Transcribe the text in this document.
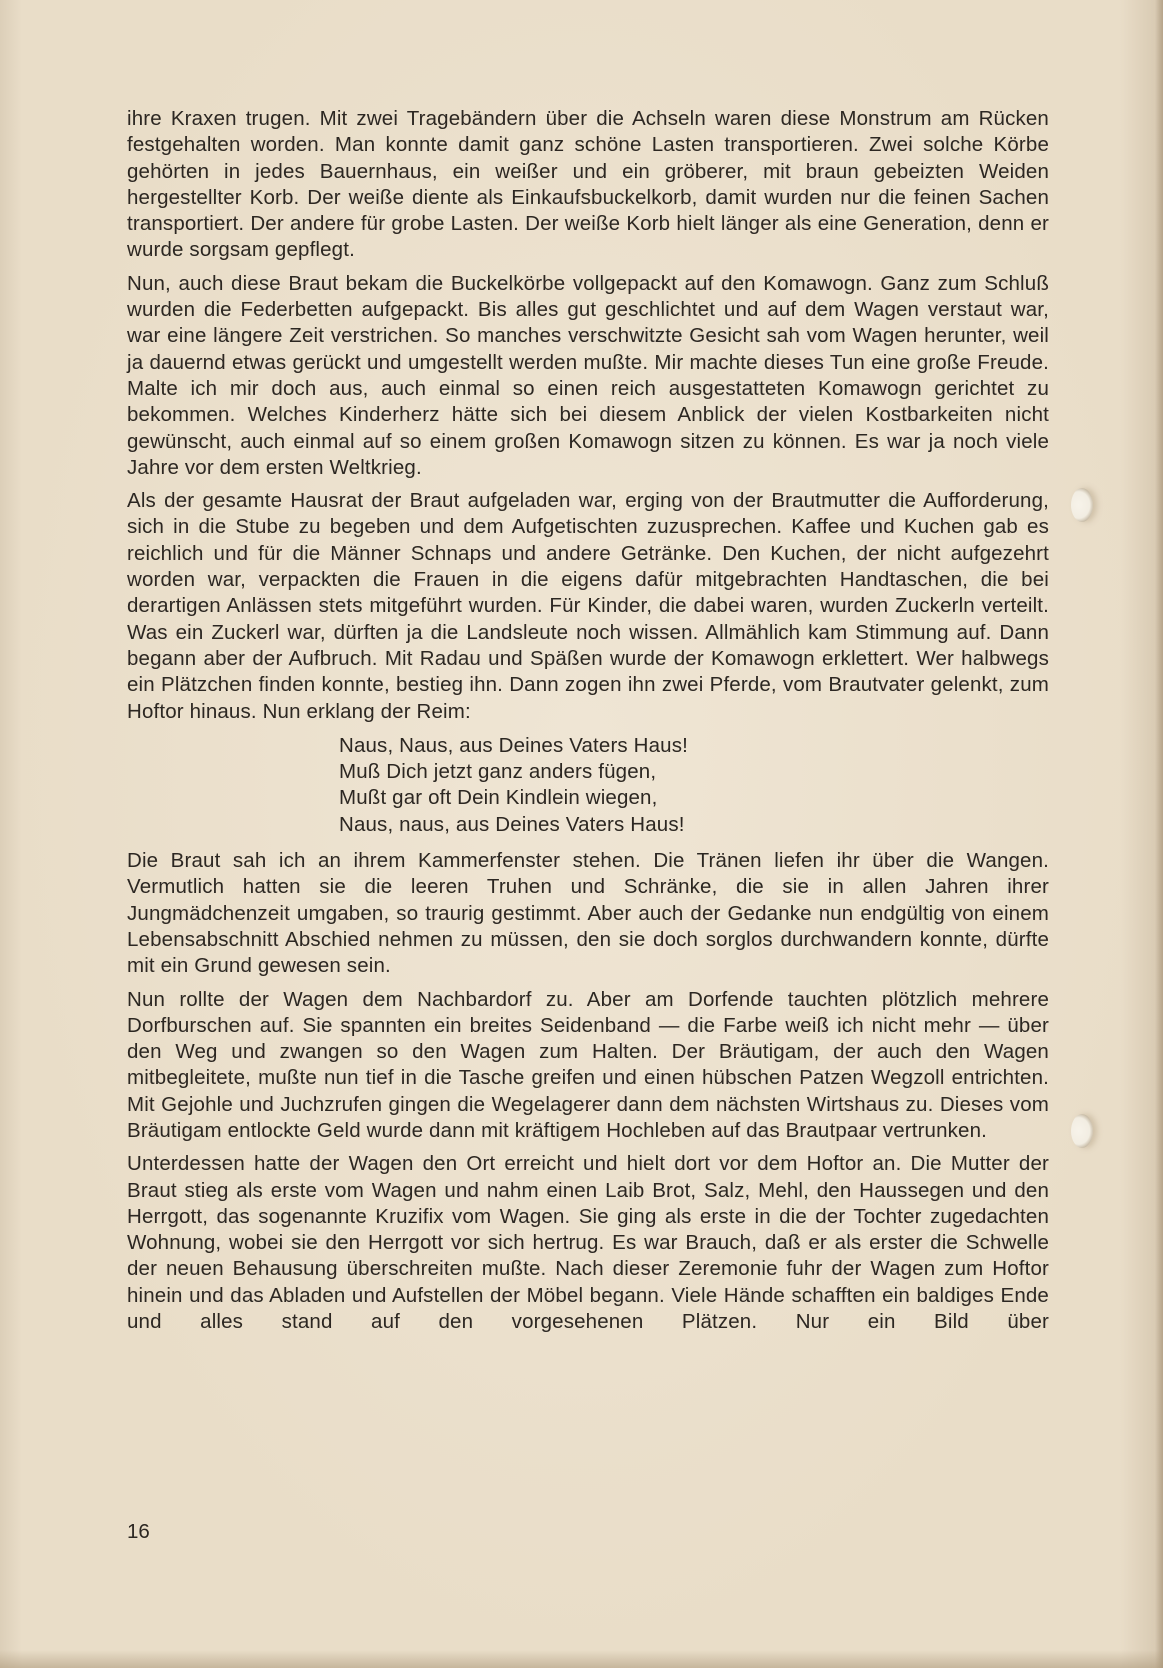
ihre Kraxen trugen. Mit zwei Tragebändern über die Achseln waren diese Monstrum am Rücken festgehalten worden. Man konnte damit ganz schöne Lasten transportieren. Zwei solche Körbe gehörten in jedes Bauernhaus, ein weißer und ein gröberer, mit braun gebeizten Weiden hergestellter Korb. Der weiße diente als Einkaufsbuckelkorb, damit wurden nur die feinen Sachen transportiert. Der andere für grobe Lasten. Der weiße Korb hielt länger als eine Generation, denn er wurde sorgsam gepflegt.

Nun, auch diese Braut bekam die Buckelkörbe vollgepackt auf den Komawogn. Ganz zum Schluß wurden die Federbetten aufgepackt. Bis alles gut geschlichtet und auf dem Wagen verstaut war, war eine längere Zeit verstrichen. So manches verschwitzte Gesicht sah vom Wagen herunter, weil ja dauernd etwas gerückt und umgestellt werden mußte. Mir machte dieses Tun eine große Freude. Malte ich mir doch aus, auch einmal so einen reich ausgestatteten Komawogn gerichtet zu bekommen. Welches Kinderherz hätte sich bei diesem Anblick der vielen Kostbarkeiten nicht gewünscht, auch einmal auf so einem großen Komawogn sitzen zu können. Es war ja noch viele Jahre vor dem ersten Weltkrieg.

Als der gesamte Hausrat der Braut aufgeladen war, erging von der Brautmutter die Aufforderung, sich in die Stube zu begeben und dem Aufgetischten zuzusprechen. Kaffee und Kuchen gab es reichlich und für die Männer Schnaps und andere Getränke. Den Kuchen, der nicht aufgezehrt worden war, verpackten die Frauen in die eigens dafür mitgebrachten Handtaschen, die bei derartigen Anlässen stets mitgeführt wurden. Für Kinder, die dabei waren, wurden Zuckerln verteilt. Was ein Zuckerl war, dürften ja die Landsleute noch wissen. Allmählich kam Stimmung auf. Dann begann aber der Aufbruch. Mit Radau und Späßen wurde der Komawogn erklettert. Wer halbwegs ein Plätzchen finden konnte, bestieg ihn. Dann zogen ihn zwei Pferde, vom Brautvater gelenkt, zum Hoftor hinaus. Nun erklang der Reim:

Naus, Naus, aus Deines Vaters Haus!
Muß Dich jetzt ganz anders fügen,
Mußt gar oft Dein Kindlein wiegen,
Naus, naus, aus Deines Vaters Haus!

Die Braut sah ich an ihrem Kammerfenster stehen. Die Tränen liefen ihr über die Wangen. Vermutlich hatten sie die leeren Truhen und Schränke, die sie in allen Jahren ihrer Jungmädchenzeit umgaben, so traurig gestimmt. Aber auch der Gedanke nun endgültig von einem Lebensabschnitt Abschied nehmen zu müssen, den sie doch sorglos durchwandern konnte, dürfte mit ein Grund gewesen sein.

Nun rollte der Wagen dem Nachbardorf zu. Aber am Dorfende tauchten plötzlich mehrere Dorfburschen auf. Sie spannten ein breites Seidenband — die Farbe weiß ich nicht mehr — über den Weg und zwangen so den Wagen zum Halten. Der Bräutigam, der auch den Wagen mitbegleitete, mußte nun tief in die Tasche greifen und einen hübschen Patzen Wegzoll entrichten. Mit Gejohle und Juchzrufen gingen die Wegelagerer dann dem nächsten Wirtshaus zu. Dieses vom Bräutigam entlockte Geld wurde dann mit kräftigem Hochleben auf das Brautpaar vertrunken.

Unterdessen hatte der Wagen den Ort erreicht und hielt dort vor dem Hoftor an. Die Mutter der Braut stieg als erste vom Wagen und nahm einen Laib Brot, Salz, Mehl, den Haussegen und den Herrgott, das sogenannte Kruzifix vom Wagen. Sie ging als erste in die der Tochter zugedachten Wohnung, wobei sie den Herrgott vor sich hertrug. Es war Brauch, daß er als erster die Schwelle der neuen Behausung überschreiten mußte. Nach dieser Zeremonie fuhr der Wagen zum Hoftor hinein und das Abladen und Aufstellen der Möbel begann. Viele Hände schafften ein baldiges Ende und alles stand auf den vorgesehenen Plätzen. Nur ein Bild über

16
